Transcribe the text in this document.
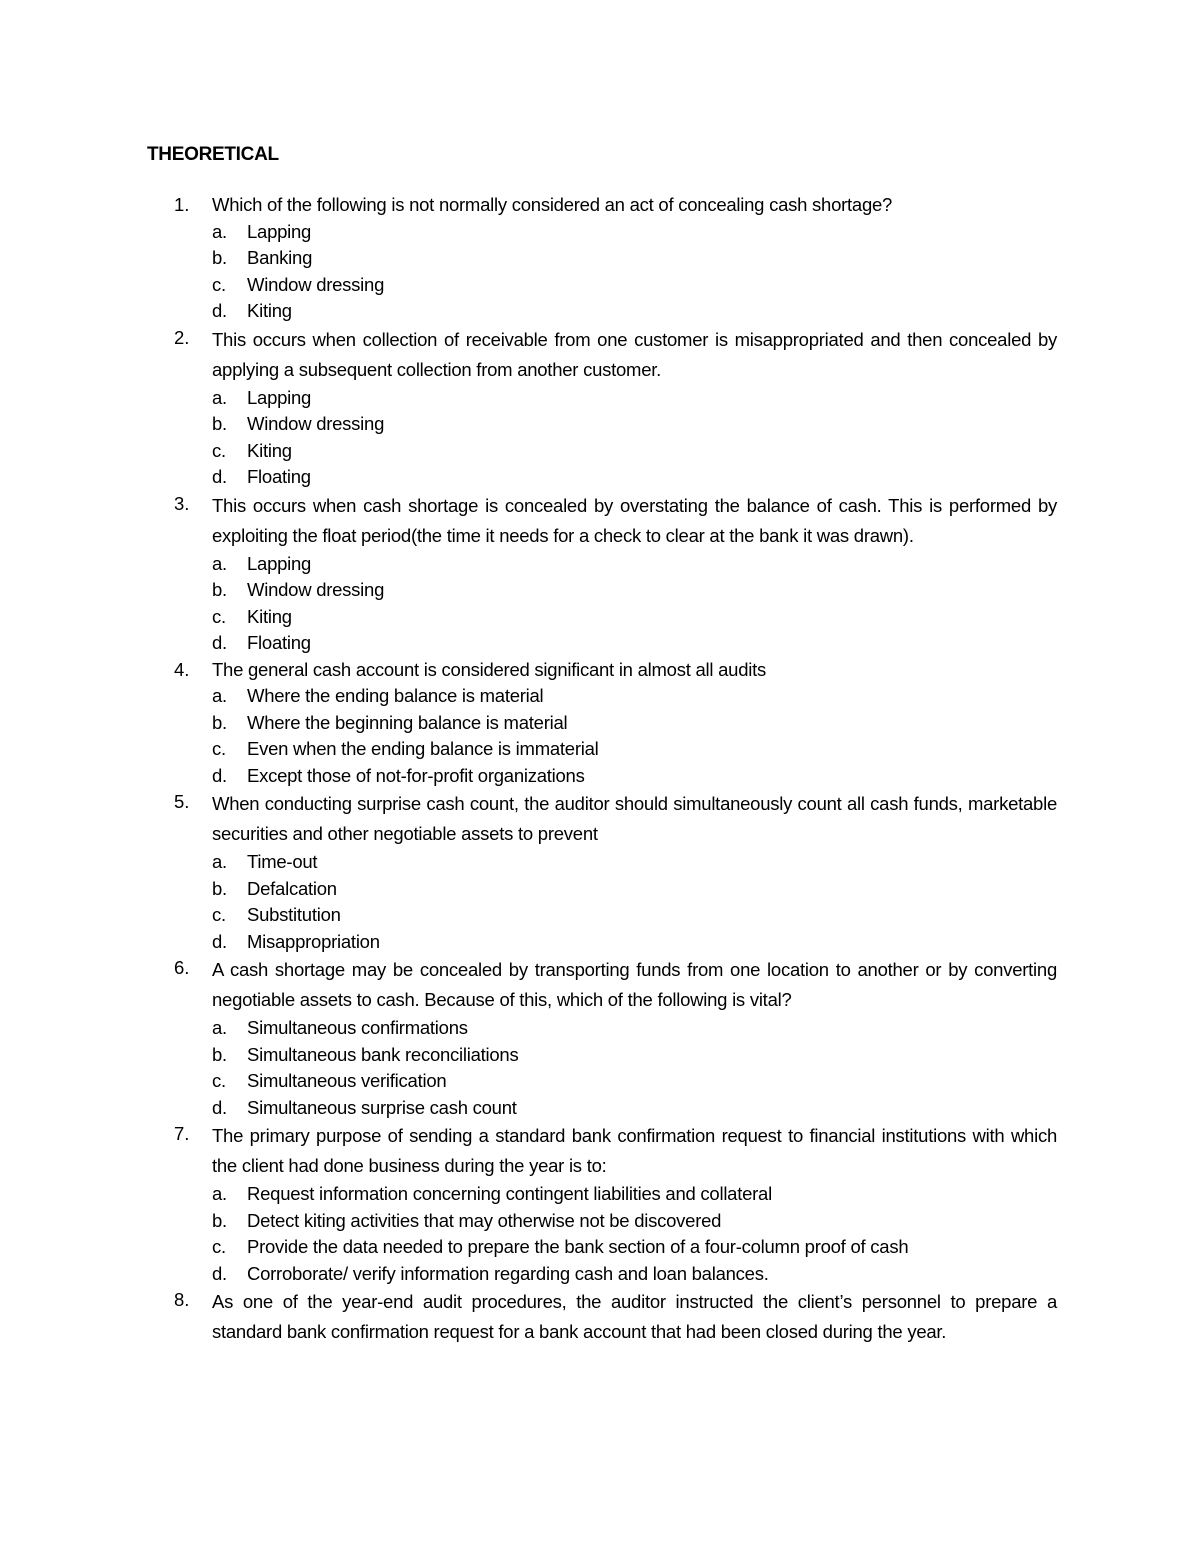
THEORETICAL
1. Which of the following is not normally considered an act of concealing cash shortage?
a. Lapping
b. Banking
c. Window dressing
d. Kiting
2. This occurs when collection of receivable from one customer is misappropriated and then concealed by applying a subsequent collection from another customer.
a. Lapping
b. Window dressing
c. Kiting
d. Floating
3. This occurs when cash shortage is concealed by overstating the balance of cash. This is performed by exploiting the float period(the time it needs for a check to clear at the bank it was drawn).
a. Lapping
b. Window dressing
c. Kiting
d. Floating
4. The general cash account is considered significant in almost all audits
a. Where the ending balance is material
b. Where the beginning balance is material
c. Even when the ending balance is immaterial
d. Except those of not-for-profit organizations
5. When conducting surprise cash count, the auditor should simultaneously count all cash funds, marketable securities and other negotiable assets to prevent
a. Time-out
b. Defalcation
c. Substitution
d. Misappropriation
6. A cash shortage may be concealed by transporting funds from one location to another or by converting negotiable assets to cash. Because of this, which of the following is vital?
a. Simultaneous confirmations
b. Simultaneous bank reconciliations
c. Simultaneous verification
d. Simultaneous surprise cash count
7. The primary purpose of sending a standard bank confirmation request to financial institutions with which the client had done business during the year is to:
a. Request information concerning contingent liabilities and collateral
b. Detect kiting activities that may otherwise not be discovered
c. Provide the data needed to prepare the bank section of a four-column proof of cash
d. Corroborate/ verify information regarding cash and loan balances.
8. As one of the year-end audit procedures, the auditor instructed the client’s personnel to prepare a standard bank confirmation request for a bank account that had been closed during the year.
